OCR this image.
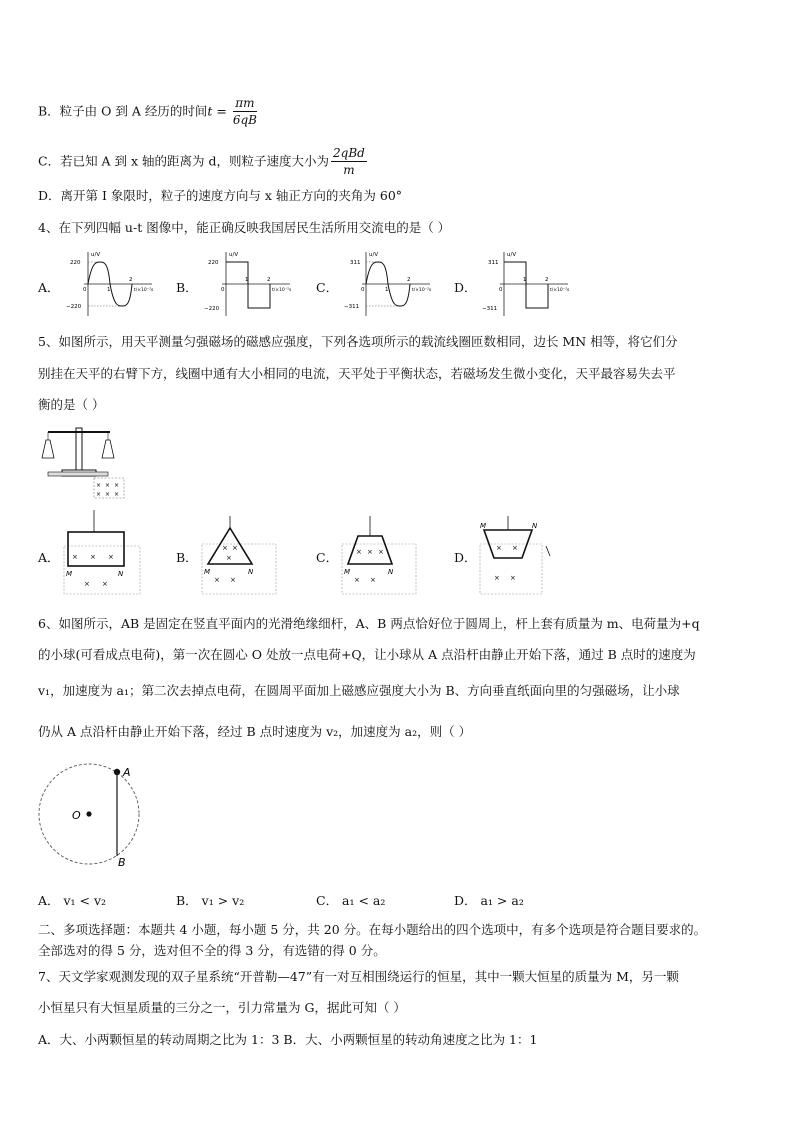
B．粒子由 O 到 A 经历的时间$t = \frac{\pi m}{6qB}$
C．若已知 A 到 x 轴的距离为 d，则粒子速度大小为 $\frac{\text{2qBd}}{m}$
D．离开第 I 象限时，粒子的速度方向与 x 轴正方向的夹角为 60°
4、在下列四幅 u-t 图像中，能正确反映我国居民生活所用交流电的是（ ）
A．	B．	C．	D．
u/V
t/×10⁻²s
220
−220
0	1
2
u/V
t/×10⁻²s
220
−220
0
1	2
u/V
t/×10⁻²s
311
−311
0	1
2
u/V
t/×10⁻²s
311
−311
0
1	2
5、如图所示，用天平测量匀强磁场的磁感应强度，下列各选项所示的载流线圈匝数相同，边长 MN 相等，将它们分
别挂在天平的右臂下方，线圈中通有大小相同的电流，天平处于平衡状态，若磁场发生微小变化，天平最容易失去平
衡的是（ ）
× × ×
× × ×
A．	B．	C．	D．
× × ×
× ×
M	N
× ×
×
× ×
M	N
× × ×
× ×
M	N
× ×
× ×
M	N
6、如图所示，AB 是固定在竖直平面内的光滑绝缘细杆，A、B 两点恰好位于圆周上，杆上套有质量为 m、电荷量为+q
的小球(可看成点电荷)，第一次在圆心 O 处放一点电荷+Q，让小球从 A 点沿杆由静止开始下落，通过 B 点时的速度为
v₁，加速度为 a₁；第二次去掉点电荷，在圆周平面加上磁感应强度大小为 B、方向垂直纸面向里的匀强磁场，让小球
仍从 A 点沿杆由静止开始下落，经过 B 点时速度为 v₂，加速度为 a₂，则（ ）
O
A
B
A． v₁ < v₂	B． v₁ > v₂	C． a₁ < a₂	D． a₁ > a₂
二、多项选择题：本题共 4 小题，每小题 5 分，共 20 分。在每小题给出的四个选项中，有多个选项是符合题目要求的。
全部选对的得 5 分，选对但不全的得 3 分，有选错的得 0 分。
7、天文学家观测发现的双子星系统“开普勒—47”有一对互相围绕运行的恒星，其中一颗大恒星的质量为 M，另一颗
小恒星只有大恒星质量的三分之一，引力常量为 G，据此可知（ ）
A．大、小两颗恒星的转动周期之比为 1：3 B．大、小两颗恒星的转动角速度之比为 1：1
